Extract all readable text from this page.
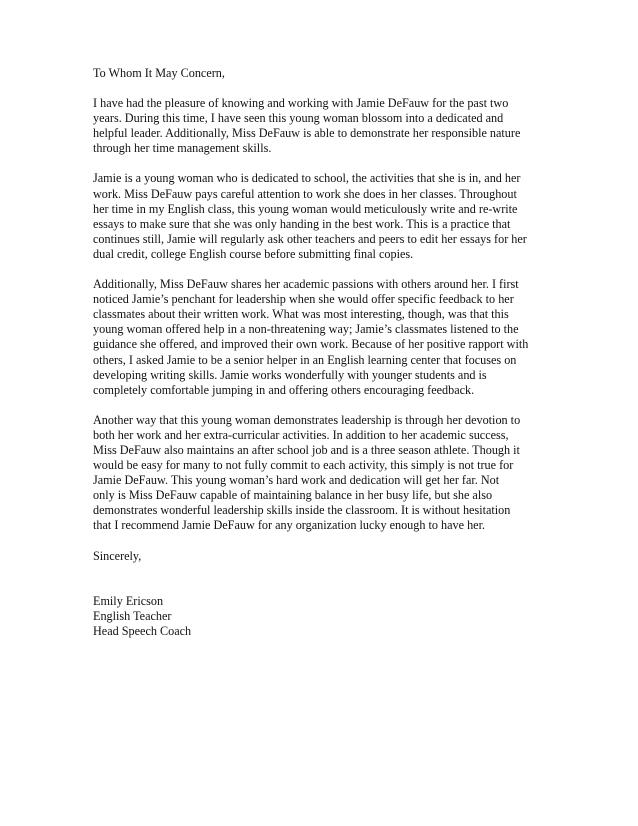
To Whom It May Concern,

I have had the pleasure of knowing and working with Jamie DeFauw for the past two
years. During this time, I have seen this young woman blossom into a dedicated and
helpful leader. Additionally, Miss DeFauw is able to demonstrate her responsible nature
through her time management skills.

Jamie is a young woman who is dedicated to school, the activities that she is in, and her
work. Miss DeFauw pays careful attention to work she does in her classes. Throughout
her time in my English class, this young woman would meticulously write and re-write
essays to make sure that she was only handing in the best work. This is a practice that
continues still, Jamie will regularly ask other teachers and peers to edit her essays for her
dual credit, college English course before submitting final copies.

Additionally, Miss DeFauw shares her academic passions with others around her. I first
noticed Jamie’s penchant for leadership when she would offer specific feedback to her
classmates about their written work. What was most interesting, though, was that this
young woman offered help in a non-threatening way; Jamie’s classmates listened to the
guidance she offered, and improved their own work. Because of her positive rapport with
others, I asked Jamie to be a senior helper in an English learning center that focuses on
developing writing skills. Jamie works wonderfully with younger students and is
completely comfortable jumping in and offering others encouraging feedback.

Another way that this young woman demonstrates leadership is through her devotion to
both her work and her extra-curricular activities. In addition to her academic success,
Miss DeFauw also maintains an after school job and is a three season athlete. Though it
would be easy for many to not fully commit to each activity, this simply is not true for
Jamie DeFauw. This young woman’s hard work and dedication will get her far. Not
only is Miss DeFauw capable of maintaining balance in her busy life, but she also
demonstrates wonderful leadership skills inside the classroom. It is without hesitation
that I recommend Jamie DeFauw for any organization lucky enough to have her.

Sincerely,

Emily Ericson

English Teacher

Head Speech Coach
